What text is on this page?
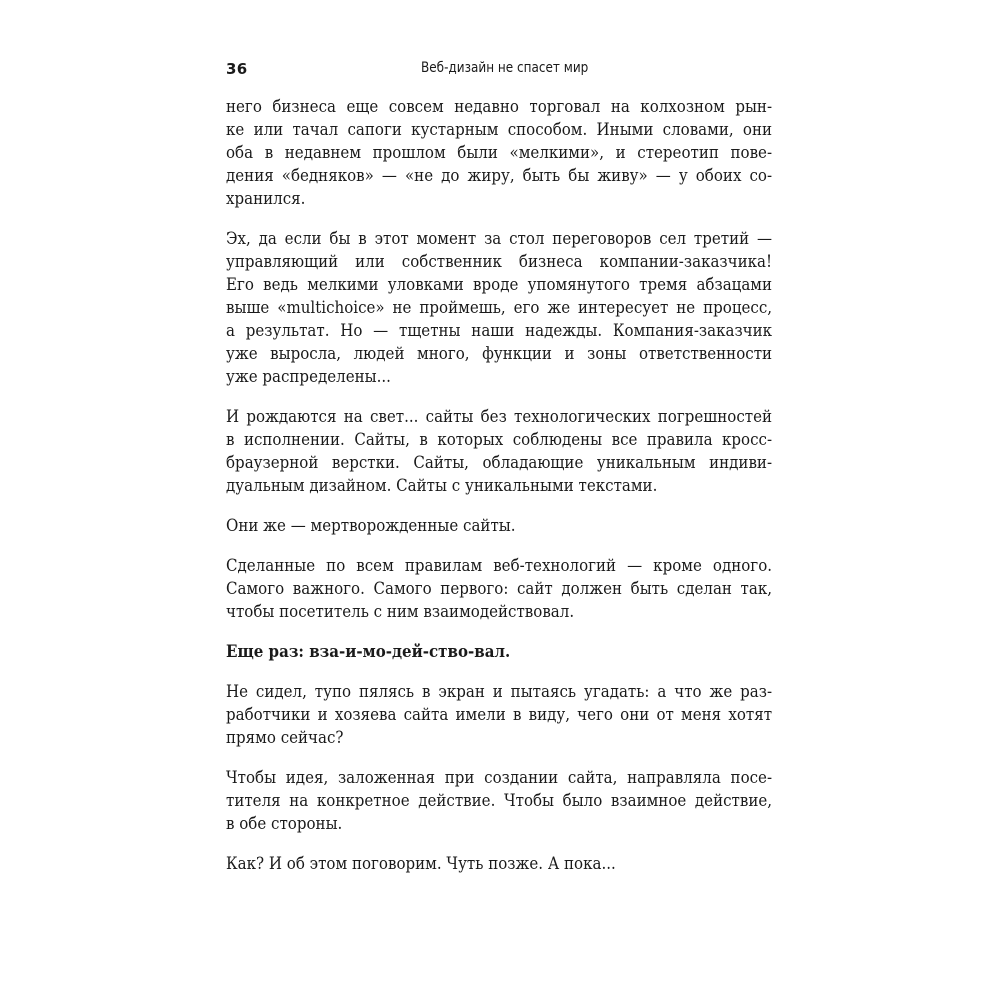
36	Веб-дизайн не спасет мир
него бизнеса еще совсем недавно торговал на колхозном рын-
ке или тачал сапоги кустарным способом. Иными словами, они
оба в недавнем прошлом были «мелкими», и стереотип пове-
дения «бедняков» — «не до жиру, быть бы живу» — у обоих со-
хранился.
Эх, да если бы в этот момент за стол переговоров сел третий —
управляющий или собственник бизнеса компании-заказчика!
Его ведь мелкими уловками вроде упомянутого тремя абзацами
выше «multichoice» не проймешь, его же интересует не процесс,
а результат. Но — тщетны наши надежды. Компания-заказчик
уже выросла, людей много, функции и зоны ответственности
уже распределены...
И рождаются на свет... сайты без технологических погрешностей
в исполнении. Сайты, в которых соблюдены все правила кросс-
браузерной верстки. Сайты, обладающие уникальным индиви-
дуальным дизайном. Сайты с уникальными текстами.
Они же — мертворожденные сайты.
Сделанные по всем правилам веб-технологий — кроме одного.
Самого важного. Самого первого: сайт должен быть сделан так,
чтобы посетитель с ним взаимодействовал.
Еще раз: вза-и-мо-дей-ство-вал.
Не сидел, тупо пялясь в экран и пытаясь угадать: а что же раз-
работчики и хозяева сайта имели в виду, чего они от меня хотят
прямо сейчас?
Чтобы идея, заложенная при создании сайта, направляла посе-
тителя на конкретное действие. Чтобы было взаимное действие,
в обе стороны.
Как? И об этом поговорим. Чуть позже. А пока...
